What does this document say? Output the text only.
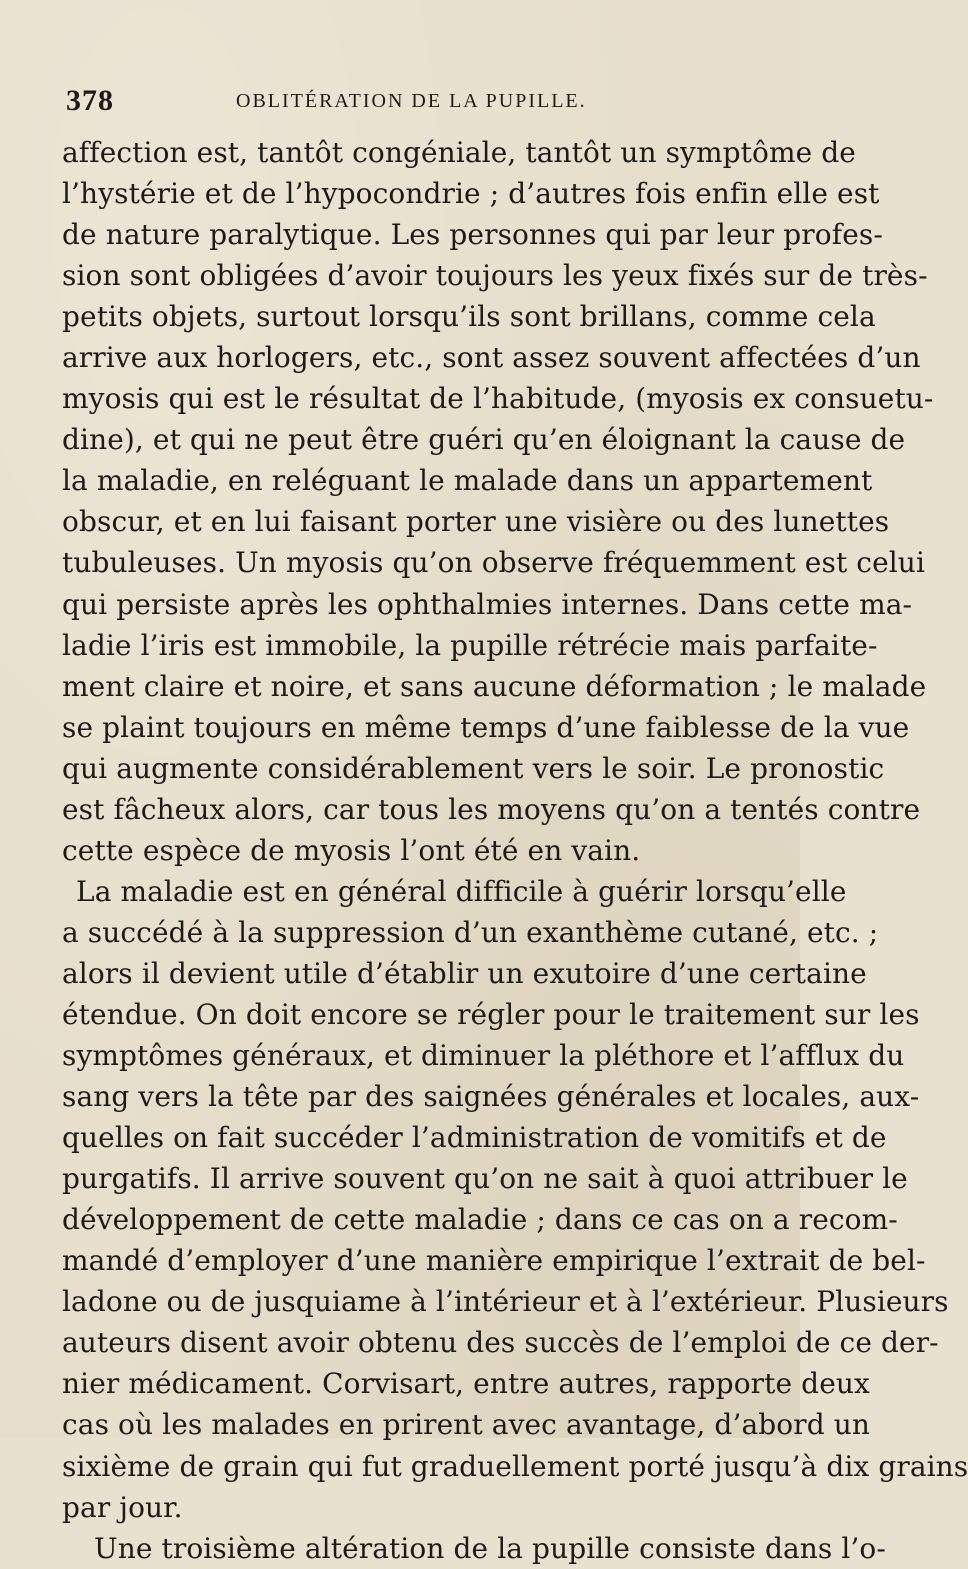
378	OBLITÉRATION DE LA PUPILLE.
affection est, tantôt congéniale, tantôt un symptôme de
l’hystérie et de l’hypocondrie ; d’autres fois enfin elle est
de nature paralytique. Les personnes qui par leur profes-
sion sont obligées d’avoir toujours les yeux fixés sur de très-
petits objets, surtout lorsqu’ils sont brillans, comme cela
arrive aux horlogers, etc., sont assez souvent affectées d’un
myosis qui est le résultat de l’habitude, (myosis ex consuetu-
dine), et qui ne peut être guéri qu’en éloignant la cause de
la maladie, en reléguant le malade dans un appartement
obscur, et en lui faisant porter une visière ou des lunettes
tubuleuses. Un myosis qu’on observe fréquemment est celui
qui persiste après les ophthalmies internes. Dans cette ma-
ladie l’iris est immobile, la pupille rétrécie mais parfaite-
ment claire et noire, et sans aucune déformation ; le malade
se plaint toujours en même temps d’une faiblesse de la vue
qui augmente considérablement vers le soir. Le pronostic
est fâcheux alors, car tous les moyens qu’on a tentés contre
cette espèce de myosis l’ont été en vain.
La maladie est en général difficile à guérir lorsqu’elle
a succédé à la suppression d’un exanthème cutané, etc. ;
alors il devient utile d’établir un exutoire d’une certaine
étendue. On doit encore se régler pour le traitement sur les
symptômes généraux, et diminuer la pléthore et l’afflux du
sang vers la tête par des saignées générales et locales, aux-
quelles on fait succéder l’administration de vomitifs et de
purgatifs. Il arrive souvent qu’on ne sait à quoi attribuer le
développement de cette maladie ; dans ce cas on a recom-
mandé d’employer d’une manière empirique l’extrait de bel-
ladone ou de jusquiame à l’intérieur et à l’extérieur. Plusieurs
auteurs disent avoir obtenu des succès de l’emploi de ce der-
nier médicament. Corvisart, entre autres, rapporte deux
cas où les malades en prirent avec avantage, d’abord un
sixième de grain qui fut graduellement porté jusqu’à dix grains
par jour.
Une troisième altération de la pupille consiste dans l’o-
